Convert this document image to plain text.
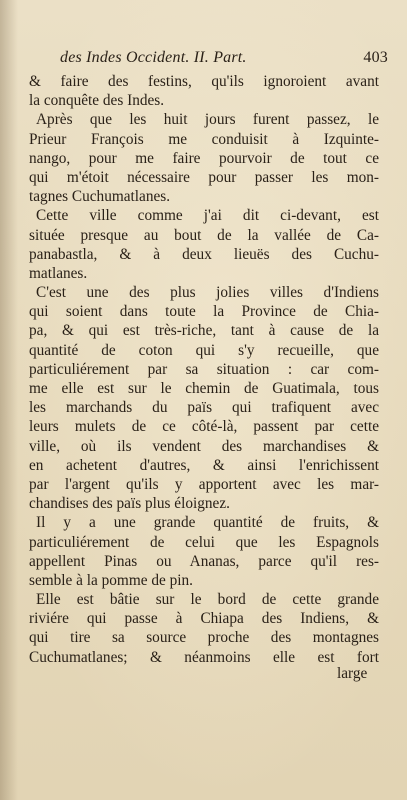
des Indes Occident. II. Part.	403
& faire des festins, qu'ils ignoroient avant
la conquête des Indes.
Après que les huit jours furent passez, le
Prieur François me conduisit à Izquinte-
nango, pour me faire pourvoir de tout ce
qui m'étoit nécessaire pour passer les mon-
tagnes Cuchumatlanes.
Cette ville comme j'ai dit ci-devant, est
située presque au bout de la vallée de Ca-
panabastla, & à deux lieuës des Cuchu-
matlanes.
C'est une des plus jolies villes d'Indiens
qui soient dans toute la Province de Chia-
pa, & qui est très-riche, tant à cause de la
quantité de coton qui s'y recueille, que
particuliérement par sa situation : car com-
me elle est sur le chemin de Guatimala, tous
les marchands du païs qui trafiquent avec
leurs mulets de ce côté-là, passent par cette
ville, où ils vendent des marchandises &
en achetent d'autres, & ainsi l'enrichissent
par l'argent qu'ils y apportent avec les mar-
chandises des païs plus éloignez.
Il y a une grande quantité de fruits, &
particuliérement de celui que les Espagnols
appellent Pinas ou Ananas, parce qu'il res-
semble à la pomme de pin.
Elle est bâtie sur le bord de cette grande
riviére qui passe à Chiapa des Indiens, &
qui tire sa source proche des montagnes
Cuchumatlanes; & néanmoins elle est fort
large
